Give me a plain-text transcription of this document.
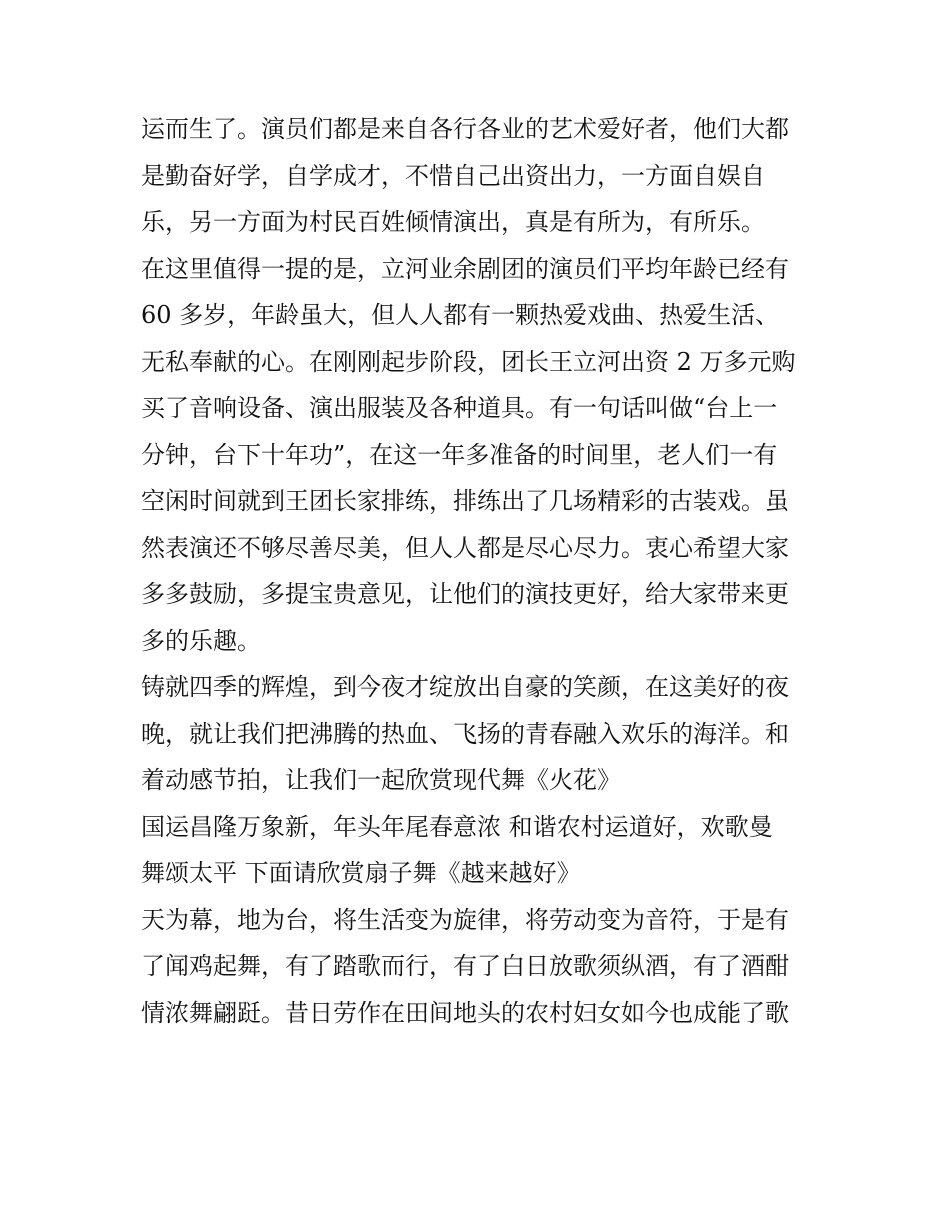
运而生了。演员们都是来自各行各业的艺术爱好者，他们大都
是勤奋好学，自学成才，不惜自己出资出力，一方面自娱自
乐，另一方面为村民百姓倾情演出，真是有所为，有所乐。
在这里值得一提的是，立河业余剧团的演员们平均年龄已经有
60 多岁，年龄虽大，但人人都有一颗热爱戏曲、热爱生活、
无私奉献的心。在刚刚起步阶段，团长王立河出资 2 万多元购
买了音响设备、演出服装及各种道具。有一句话叫做“台上一
分钟，台下十年功”，在这一年多准备的时间里，老人们一有
空闲时间就到王团长家排练，排练出了几场精彩的古装戏。虽
然表演还不够尽善尽美，但人人都是尽心尽力。衷心希望大家
多多鼓励，多提宝贵意见，让他们的演技更好，给大家带来更
多的乐趣。
铸就四季的辉煌，到今夜才绽放出自豪的笑颜，在这美好的夜
晚，就让我们把沸腾的热血、飞扬的青春融入欢乐的海洋。和
着动感节拍，让我们一起欣赏现代舞《火花》
国运昌隆万象新，年头年尾春意浓 和谐农村运道好，欢歌曼
舞颂太平 下面请欣赏扇子舞《越来越好》
天为幕，地为台，将生活变为旋律，将劳动变为音符，于是有
了闻鸡起舞，有了踏歌而行，有了白日放歌须纵酒，有了酒酣
情浓舞翩跹。昔日劳作在田间地头的农村妇女如今也成能了歌
